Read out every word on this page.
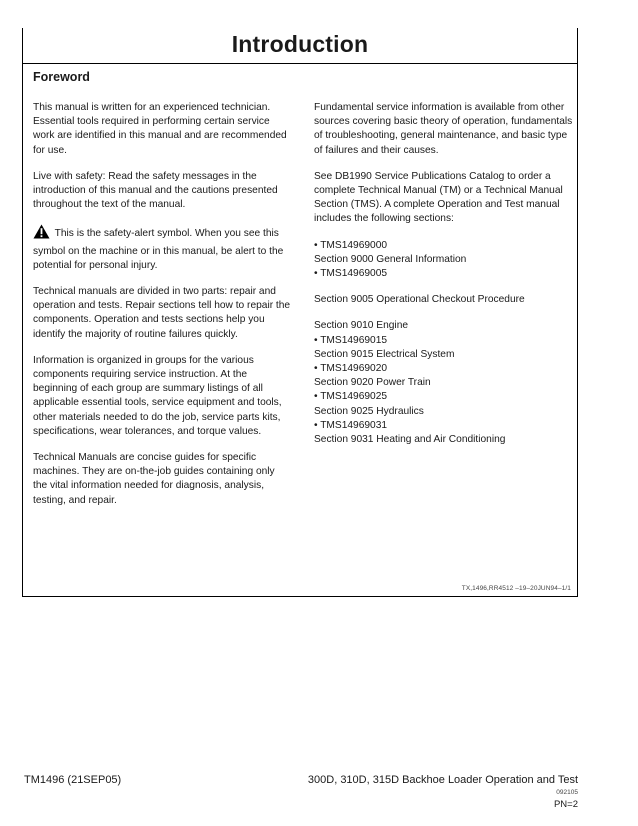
Introduction
Foreword

This manual is written for an experienced technician. Essential tools required in performing certain service work are identified in this manual and are recommended for use.

Live with safety: Read the safety messages in the introduction of this manual and the cautions presented throughout the text of the manual.

This is the safety-alert symbol. When you see this symbol on the machine or in this manual, be alert to the potential for personal injury.

Technical manuals are divided in two parts: repair and operation and tests. Repair sections tell how to repair the components. Operation and tests sections help you identify the majority of routine failures quickly.

Information is organized in groups for the various components requiring service instruction. At the beginning of each group are summary listings of all applicable essential tools, service equipment and tools, other materials needed to do the job, service parts kits, specifications, wear tolerances, and torque values.

Technical Manuals are concise guides for specific machines. They are on-the-job guides containing only the vital information needed for diagnosis, analysis, testing, and repair.

Fundamental service information is available from other sources covering basic theory of operation, fundamentals of troubleshooting, general maintenance, and basic type of failures and their causes.

See DB1990 Service Publications Catalog to order a complete Technical Manual (TM) or a Technical Manual Section (TMS). A complete Operation and Test manual includes the following sections:

• TMS14969000
Section 9000 General Information
• TMS14969005

Section 9005 Operational Checkout Procedure

Section 9010 Engine
• TMS14969015
Section 9015 Electrical System
• TMS14969020
Section 9020 Power Train
• TMS14969025
Section 9025 Hydraulics
• TMS14969031
Section 9031 Heating and Air Conditioning
TX,1496,RR4512 –19–20JUN94–1/1
TM1496 (21SEP05)	300D, 310D, 315D Backhoe Loader Operation and Test
092105
PN=2
